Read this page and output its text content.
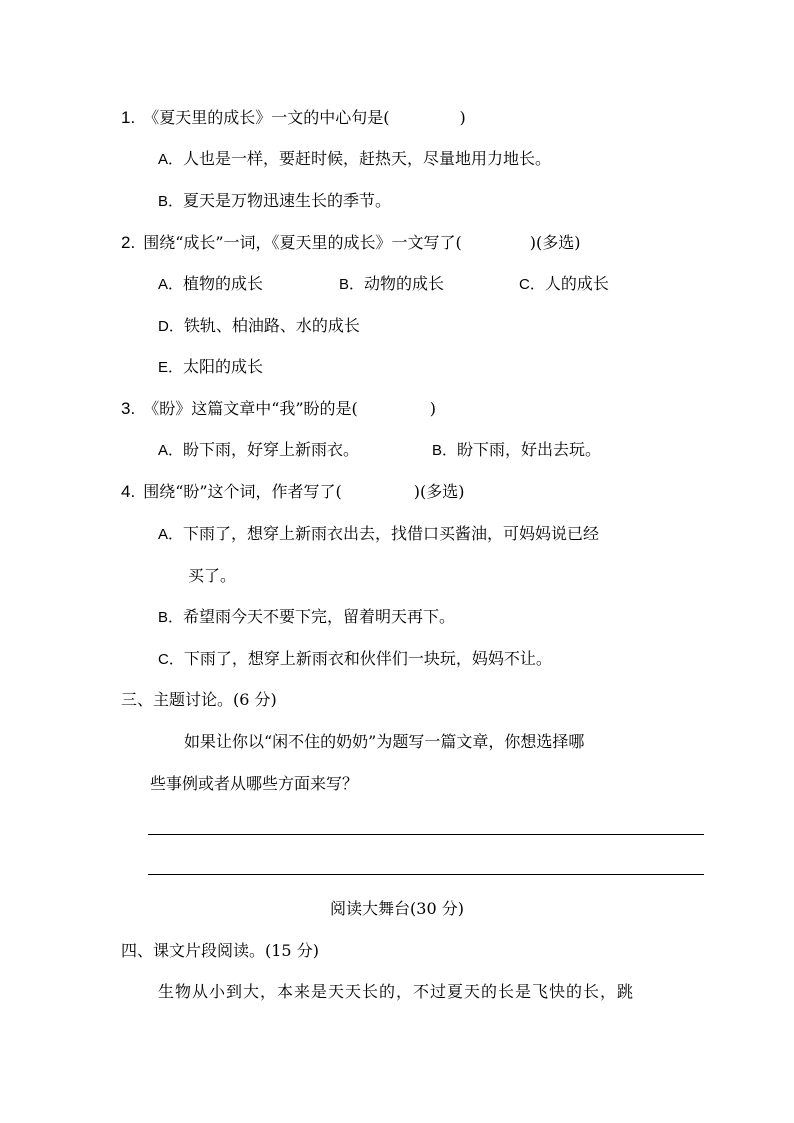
1. 《夏天里的成长》一文的中心句是(	)
A．人也是一样，要赶时候，赶热天，尽量地用力地长。
B．夏天是万物迅速生长的季节。
2. 围绕“成长”一词，《夏天里的成长》一文写了(	)(多选)
A．植物的成长	B．动物的成长	C．人的成长
D．铁轨、柏油路、水的成长
E．太阳的成长
3. 《盼》这篇文章中“我”盼的是(	)
A．盼下雨，好穿上新雨衣。	B．盼下雨，好出去玩。
4. 围绕“盼”这个词，作者写了(	)(多选)
A．下雨了，想穿上新雨衣出去，找借口买酱油，可妈妈说已经
买了。
B．希望雨今天不要下完，留着明天再下。
C．下雨了，想穿上新雨衣和伙伴们一块玩，妈妈不让。
三、主题讨论。(6 分)
如果让你以“闲不住的奶奶”为题写一篇文章，你想选择哪
些事例或者从哪些方面来写？
阅读大舞台(30 分)
四、课文片段阅读。(15 分)
生物从小到大，本来是天天长的，不过夏天的长是飞快的长，跳
